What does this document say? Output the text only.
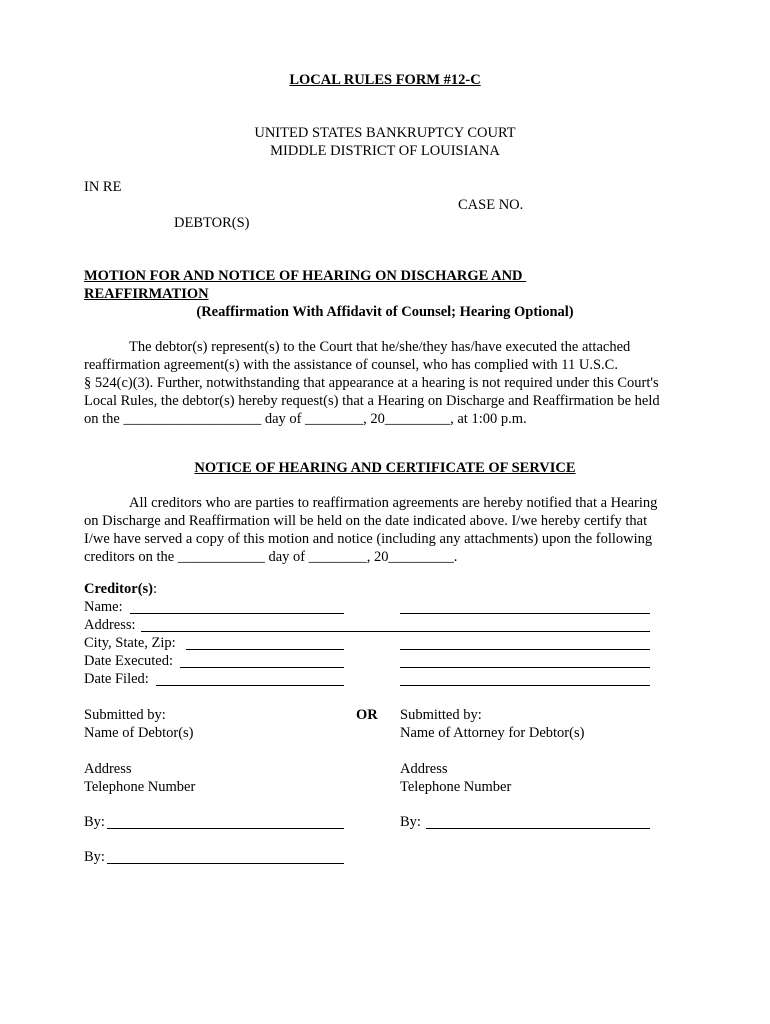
LOCAL RULES FORM #12-C
UNITED STATES BANKRUPTCY COURT
MIDDLE DISTRICT OF LOUISIANA
IN RE
CASE NO.
DEBTOR(S)
MOTION FOR AND NOTICE OF HEARING ON DISCHARGE AND
REAFFIRMATION
(Reaffirmation With Affidavit of Counsel; Hearing Optional)

The debtor(s) represent(s) to the Court that he/she/they has/have executed the attached

reaffirmation agreement(s) with the assistance of counsel, who has complied with 11 U.S.C.

§ 524(c)(3). Further, notwithstanding that appearance at a hearing is not required under this Court's

Local Rules, the debtor(s) hereby request(s) that a Hearing on Discharge and Reaffirmation be held

on the ___________________ day of ________, 20_________, at 1:00 p.m.

NOTICE OF HEARING AND CERTIFICATE OF SERVICE

All creditors who are parties to reaffirmation agreements are hereby notified that a Hearing

on Discharge and Reaffirmation will be held on the date indicated above. I/we hereby certify that

I/we have served a copy of this motion and notice (including any attachments) upon the following

creditors on the ____________ day of ________, 20_________.

Creditor(s):
Name:
Address:
City, State, Zip:
Date Executed:
Date Filed:
Submitted by:
Name of Debtor(s)
OR Submitted by:
Name of Attorney for Debtor(s)
Address
Telephone Number
Address
Telephone Number
By:	By:
By:
